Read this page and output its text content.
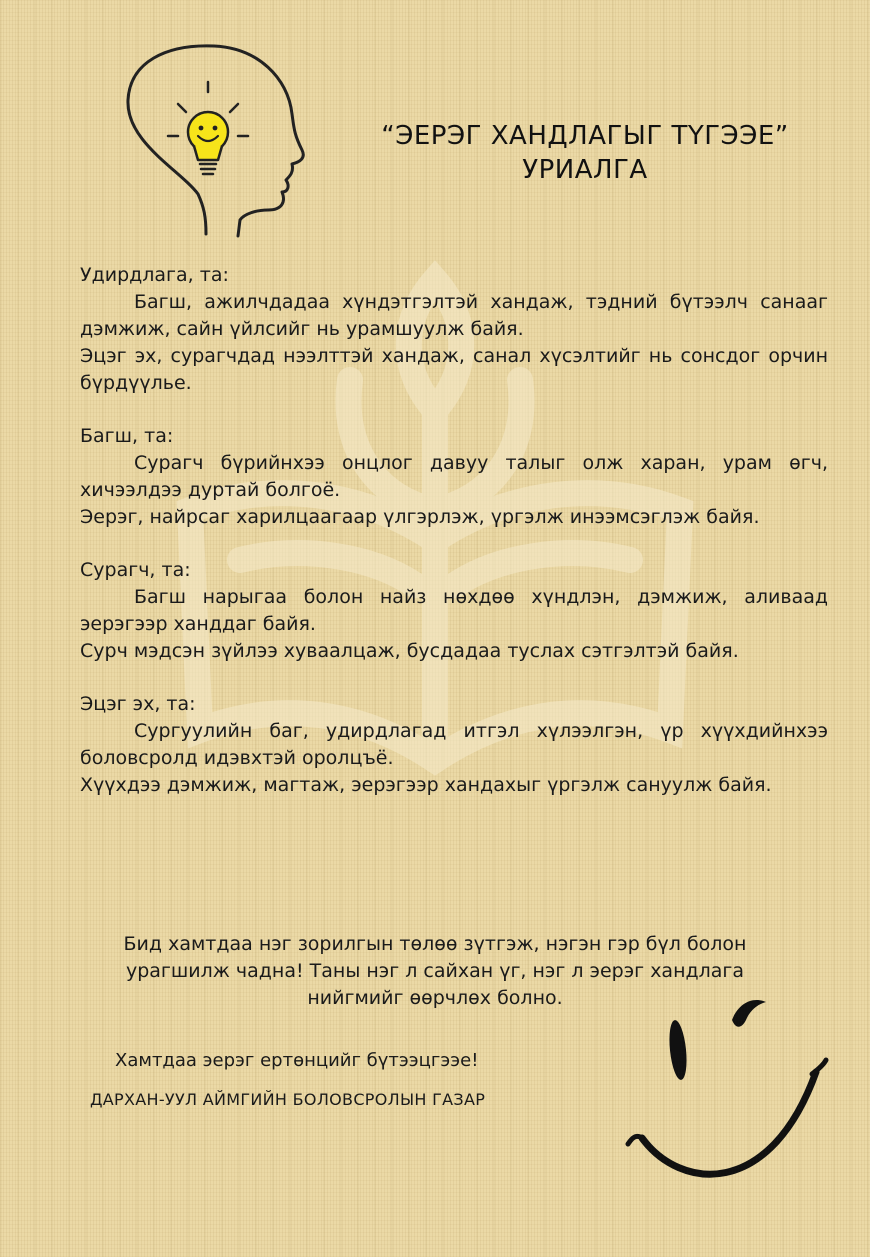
“ЭЕРЭГ ХАНДЛАГЫГ ТҮГЭЭЕ”
УРИАЛГА

Удирдлага, та:

Багш, ажилчдадаа хүндэтгэлтэй хандаж, тэдний бүтээлч санааг дэмжиж, сайн үйлсийг нь урамшуулж байя.

Эцэг эх, сурагчдад нээлттэй хандаж, санал хүсэлтийг нь сонсдог орчин бүрдүүлье.

Багш, та:

Сурагч бүрийнхээ онцлог давуу талыг олж харан, урам өгч, хичээлдээ дуртай болгоё.

Эерэг, найрсаг харилцаагаар үлгэрлэж, үргэлж инээмсэглэж байя.

Сурагч, та:

Багш нарыгаа болон найз нөхдөө хүндлэн, дэмжиж, аливаад эерэгээр ханддаг байя.

Сурч мэдсэн зүйлээ хуваалцаж, бусдадаа туслах сэтгэлтэй байя.

Эцэг эх, та:

Сургуулийн баг, удирдлагад итгэл хүлээлгэн, үр хүүхдийнхээ боловсролд идэвхтэй оролцъё.

Хүүхдээ дэмжиж, магтаж, эерэгээр хандахыг үргэлж сануулж байя.

Бид хамтдаа нэг зорилгын төлөө зүтгэж, нэгэн гэр бүл болон урагшилж чадна! Таны нэг л сайхан үг, нэг л эерэг хандлага нийгмийг өөрчлөх болно.

Хамтдаа эерэг ертөнцийг бүтээцгээе!

ДАРХАН-УУЛ АЙМГИЙН БОЛОВСРОЛЫН ГАЗАР
